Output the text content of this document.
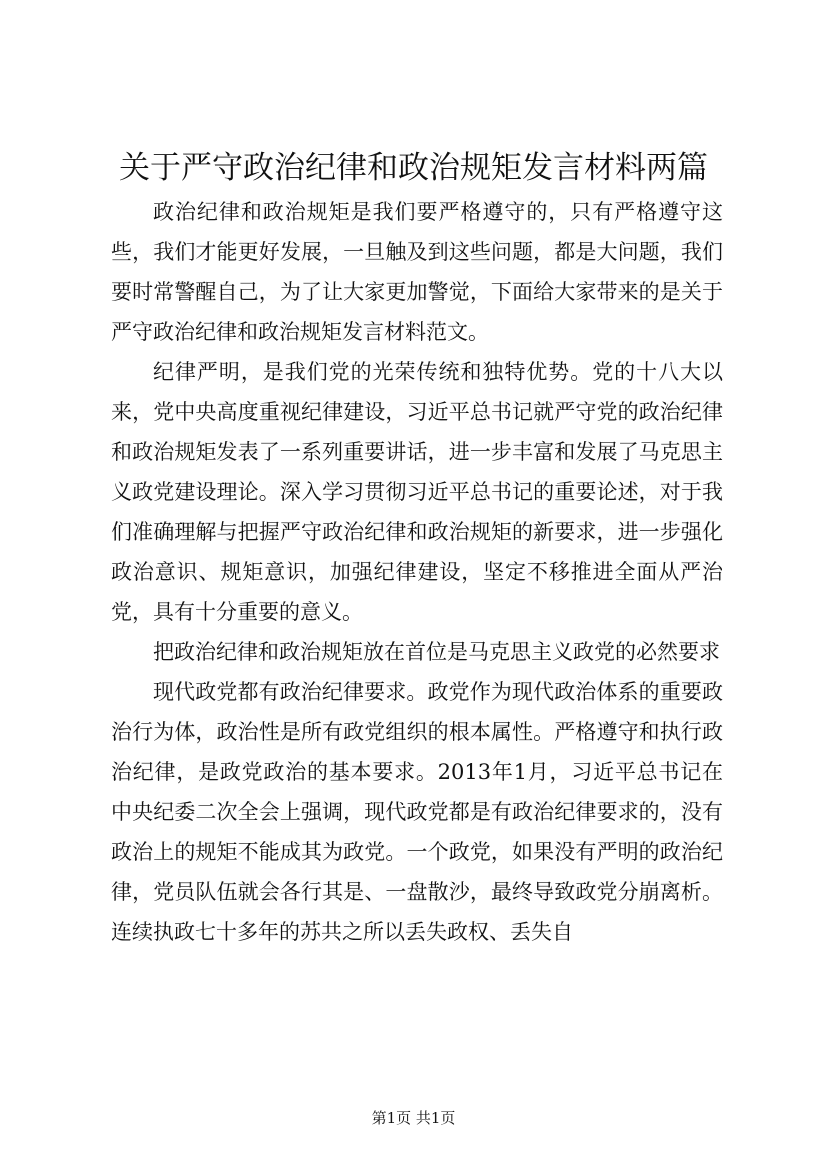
关于严守政治纪律和政治规矩发言材料两篇

政治纪律和政治规矩是我们要严格遵守的，只有严格遵守这些，我们才能更好发展，一旦触及到这些问题，都是大问题，我们要时常警醒自己，为了让大家更加警觉，下面给大家带来的是关于严守政治纪律和政治规矩发言材料范文。

纪律严明，是我们党的光荣传统和独特优势。党的十八大以来，党中央高度重视纪律建设，习近平总书记就严守党的政治纪律和政治规矩发表了一系列重要讲话，进一步丰富和发展了马克思主义政党建设理论。深入学习贯彻习近平总书记的重要论述，对于我们准确理解与把握严守政治纪律和政治规矩的新要求，进一步强化政治意识、规矩意识，加强纪律建设，坚定不移推进全面从严治党，具有十分重要的意义。

把政治纪律和政治规矩放在首位是马克思主义政党的必然要求

现代政党都有政治纪律要求。政党作为现代政治体系的重要政治行为体，政治性是所有政党组织的根本属性。严格遵守和执行政治纪律，是政党政治的基本要求。2013年1月，习近平总书记在中央纪委二次全会上强调，现代政党都是有政治纪律要求的，没有政治上的规矩不能成其为政党。一个政党，如果没有严明的政治纪律，党员队伍就会各行其是、一盘散沙，最终导致政党分崩离析。连续执政七十多年的苏共之所以丢失政权、丢失自

第1页 共1页
